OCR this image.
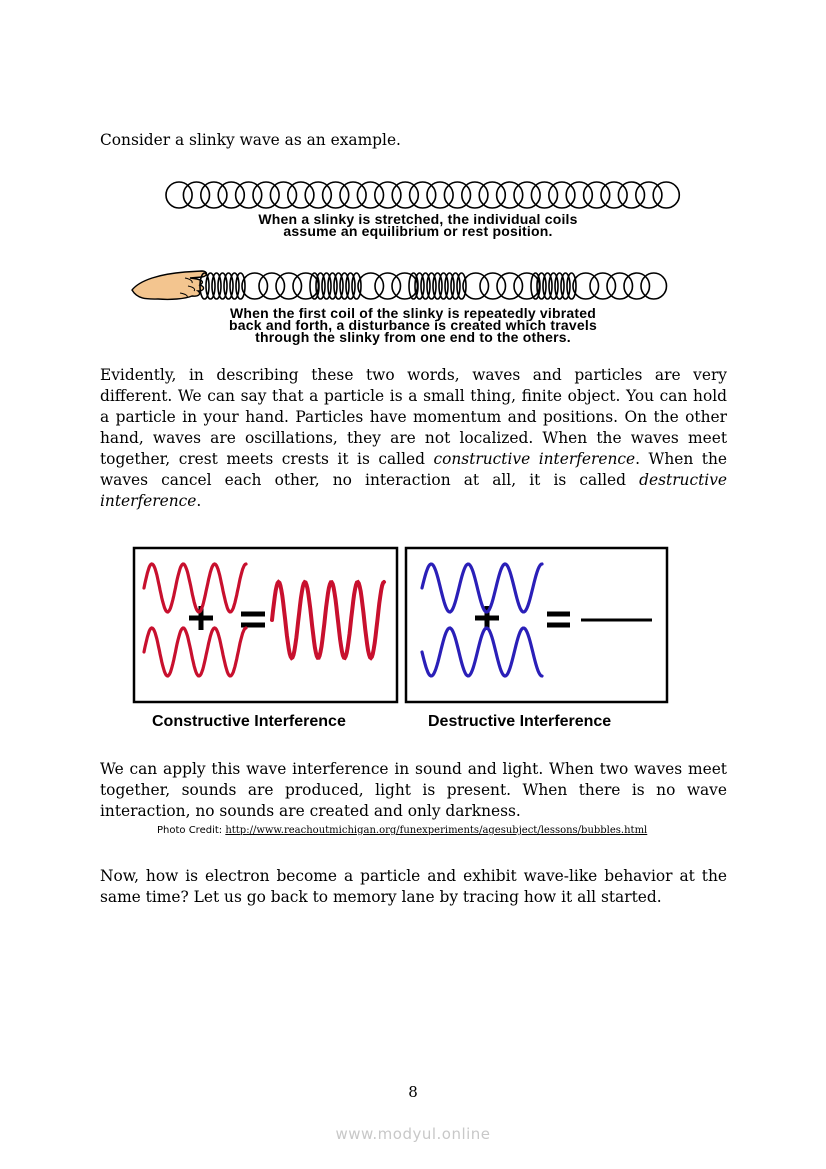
Consider a slinky wave as an example.

When a slinky is stretched, the individual coils
assume an equilibrium or rest position.
When the first coil of the slinky is repeatedly vibrated
back and forth, a disturbance is created which travels
through the slinky from one end to the others.

Evidently, in describing these two words, waves and particles are very different. We can say that a particle is a small thing, finite object. You can hold a particle in your hand. Particles have momentum and positions. On the other hand, waves are oscillations, they are not localized. When the waves meet together, crest meets crests it is called constructive interference. When the waves cancel each other, no interaction at all, it is called destructive interference.

Constructive Interference	Destructive Interference

We can apply this wave interference in sound and light. When two waves meet together, sounds are produced, light is present. When there is no wave interaction, no sounds are created and only darkness.

Photo Credit: http://www.reachoutmichigan.org/funexperiments/agesubject/lessons/bubbles.html

Now, how is electron become a particle and exhibit wave-like behavior at the same time? Let us go back to memory lane by tracing how it all started.

8
www.modyul.online
